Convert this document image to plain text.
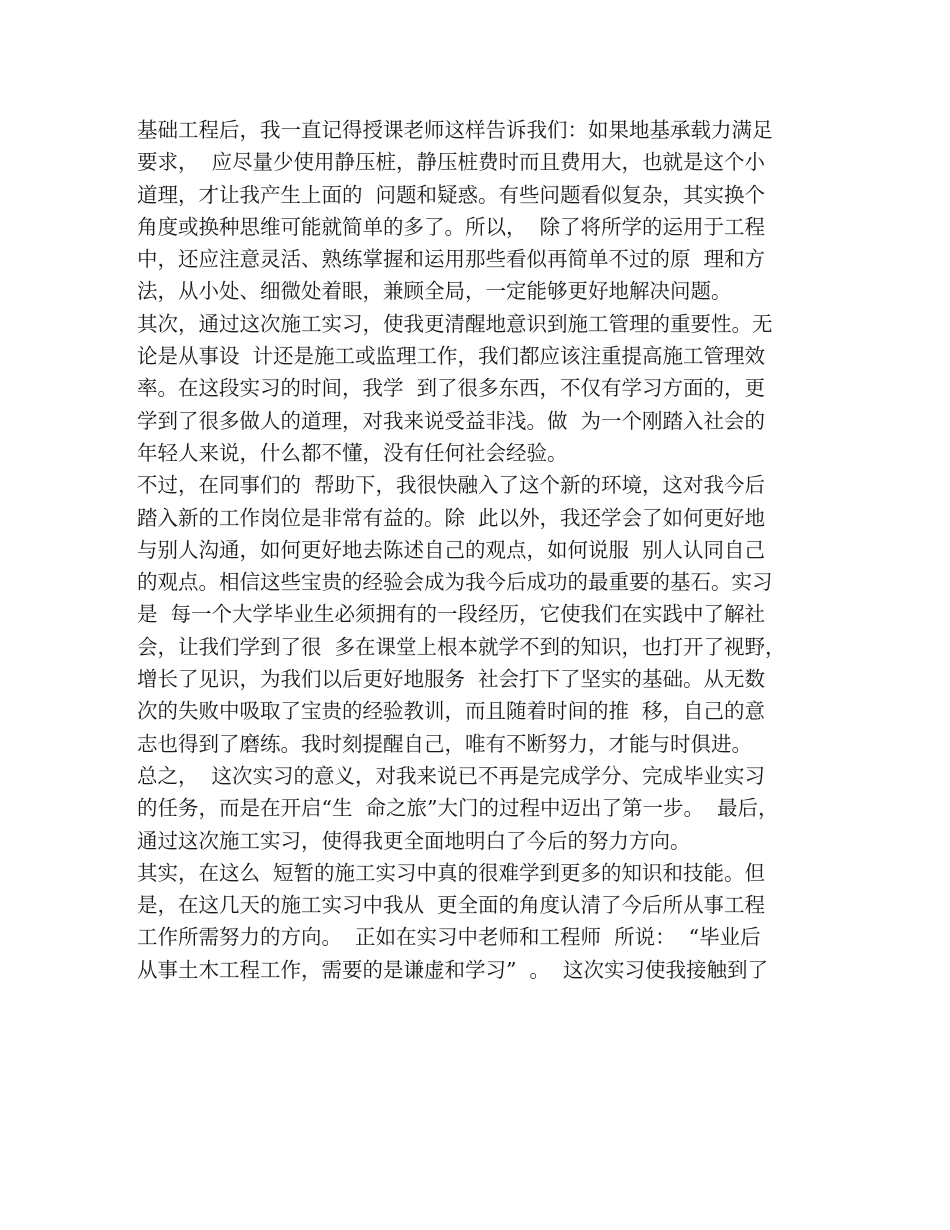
基础工程后，我一直记得授课老师这样告诉我们：如果地基承载力满足
要求，  应尽量少使用静压桩，静压桩费时而且费用大，也就是这个小
道理，才让我产生上面的  问题和疑惑。有些问题看似复杂，其实换个
角度或换种思维可能就简单的多了。所以，  除了将所学的运用于工程
中，还应注意灵活、熟练掌握和运用那些看似再简单不过的原  理和方
法，从小处、细微处着眼，兼顾全局，一定能够更好地解决问题。
其次，通过这次施工实习，使我更清醒地意识到施工管理的重要性。无
论是从事设  计还是施工或监理工作，我们都应该注重提高施工管理效
率。在这段实习的时间，我学  到了很多东西，不仅有学习方面的，更
学到了很多做人的道理，对我来说受益非浅。做  为一个刚踏入社会的
年轻人来说，什么都不懂，没有任何社会经验。
不过，在同事们的  帮助下，我很快融入了这个新的环境，这对我今后
踏入新的工作岗位是非常有益的。除  此以外，我还学会了如何更好地
与别人沟通，如何更好地去陈述自己的观点，如何说服  别人认同自己
的观点。相信这些宝贵的经验会成为我今后成功的最重要的基石。实习
是  每一个大学毕业生必须拥有的一段经历，它使我们在实践中了解社
会，让我们学到了很  多在课堂上根本就学不到的知识，也打开了视野，
增长了见识，为我们以后更好地服务  社会打下了坚实的基础。从无数
次的失败中吸取了宝贵的经验教训，而且随着时间的推  移，自己的意
志也得到了磨练。我时刻提醒自己，唯有不断努力，才能与时俱进。
总之，  这次实习的意义，对我来说已不再是完成学分、完成毕业实习
的任务，而是在开启“生  命之旅”大门的过程中迈出了第一步。  最后，
通过这次施工实习，使得我更全面地明白了今后的努力方向。
其实，在这么  短暂的施工实习中真的很难学到更多的知识和技能。但
是，在这几天的施工实习中我从  更全面的角度认清了今后所从事工程
工作所需努力的方向。  正如在实习中老师和工程师  所说：  “毕业后
从事土木工程工作，需要的是谦虚和学习”  。  这次实习使我接触到了
